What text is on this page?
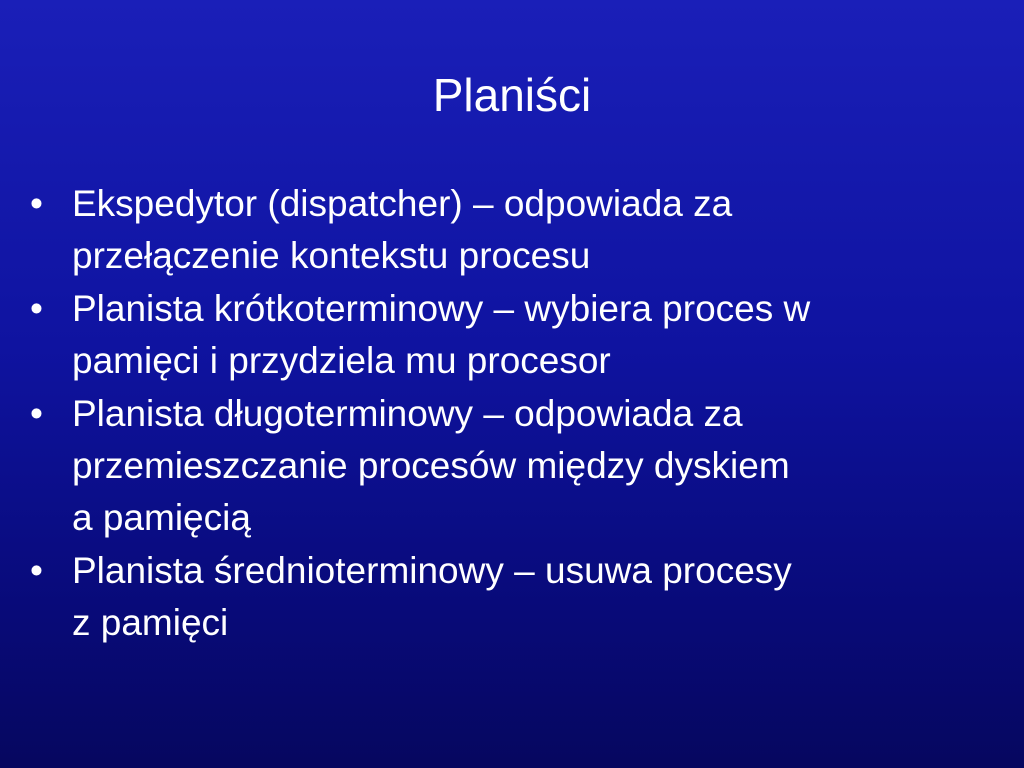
Planiści
• Ekspedytor (dispatcher) – odpowiada za
przełączenie kontekstu procesu
• Planista krótkoterminowy – wybiera proces w
pamięci i przydziela mu procesor
• Planista długoterminowy – odpowiada za
przemieszczanie procesów między dyskiem
a pamięcią
• Planista średnioterminowy – usuwa procesy
z pamięci
